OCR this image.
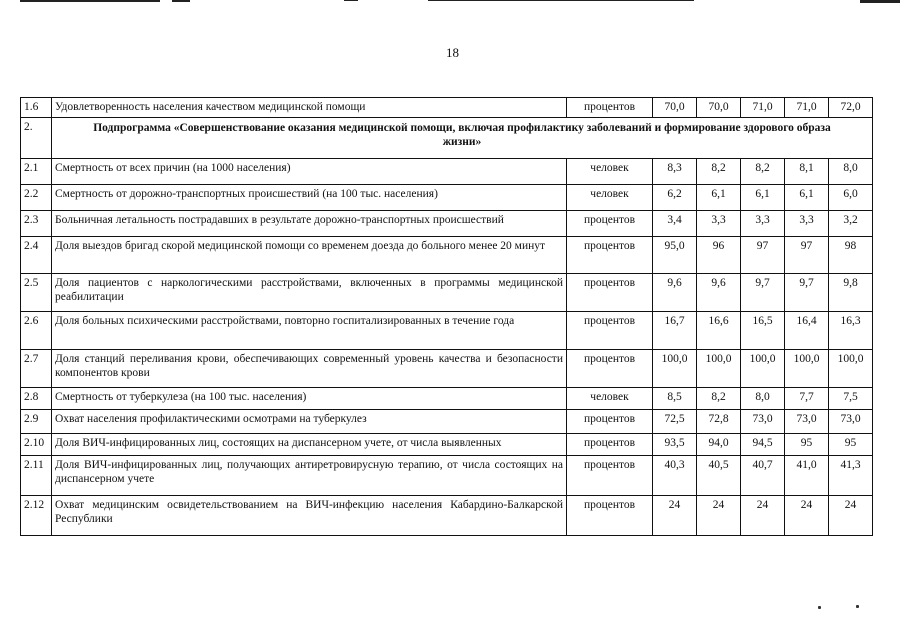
18
1.6	Удовлетворенность населения качеством медицинской помощи	процентов	70,0	70,0	71,0	71,0	72,0
2.	Подпрограмма «Совершенствование оказания медицинской помощи, включая профилактику заболеваний и формирование здорового образа жизни»						
2.1	Смертность от всех причин (на 1000 населения)	человек	8,3	8,2	8,2	8,1	8,0
2.2	Смертность от дорожно-транспортных происшествий (на 100 тыс. населения)	человек	6,2	6,1	6,1	6,1	6,0
2.3	Больничная летальность пострадавших в результате дорожно-транспортных происшествий	процентов	3,4	3,3	3,3	3,3	3,2
2.4	Доля выездов бригад скорой медицинской помощи со временем доезда до больного менее 20 минут	процентов	95,0	96	97	97	98
2.5	Доля пациентов с наркологическими расстройствами, включенных в программы медицинской реабилитации	процентов	9,6	9,6	9,7	9,7	9,8
2.6	Доля больных психическими расстройствами, повторно госпитализированных в течение года	процентов	16,7	16,6	16,5	16,4	16,3
2.7	Доля станций переливания крови, обеспечивающих современный уровень качества и безопасности компонентов крови	процентов	100,0	100,0	100,0	100,0	100,0
2.8	Смертность от туберкулеза (на 100 тыс. населения)	человек	8,5	8,2	8,0	7,7	7,5
2.9	Охват населения профилактическими осмотрами на туберкулез	процентов	72,5	72,8	73,0	73,0	73,0
2.10	Доля ВИЧ-инфицированных лиц, состоящих на диспансерном учете, от числа выявленных	процентов	93,5	94,0	94,5	95	95
2.11	Доля ВИЧ-инфицированных лиц, получающих антиретровирусную терапию, от числа состоящих на диспансерном учете	процентов	40,3	40,5	40,7	41,0	41,3
2.12	Охват медицинским освидетельствованием на ВИЧ-инфекцию населения Кабардино-Балкарской Республики	процентов	24	24	24	24	24
